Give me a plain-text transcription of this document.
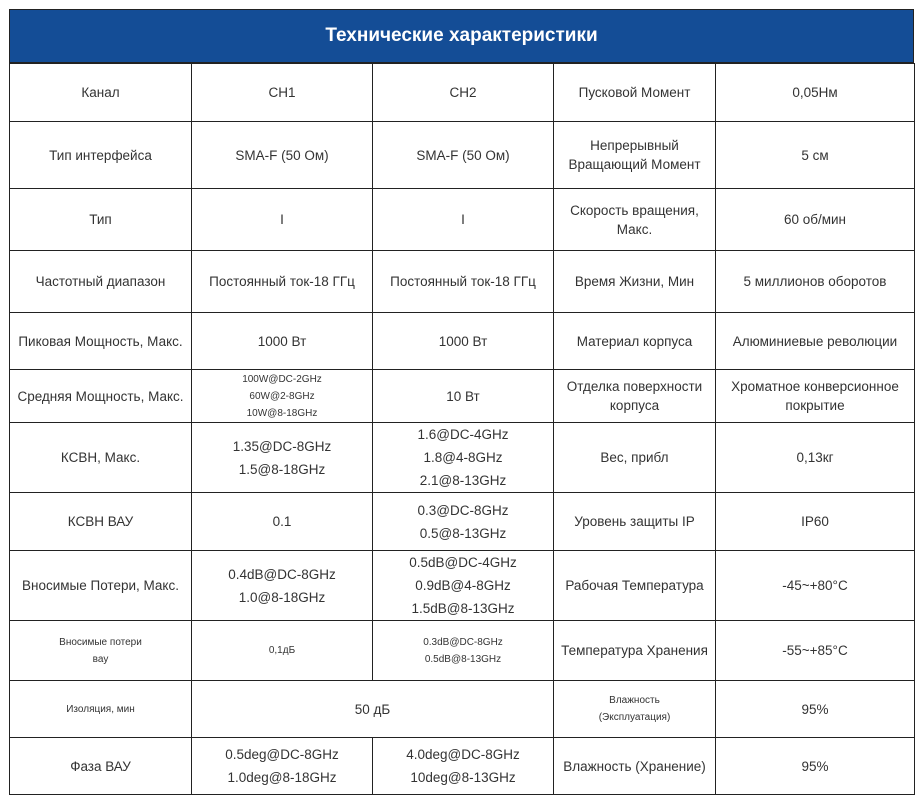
Технические характеристики
Канал	CH1	CH2	Пусковой Момент	0,05Нм

Тип интерфейса	SMA-F (50 Ом)	SMA-F (50 Ом)	Непрерывный
Вращающий Момент	5 см

Тип	I	I	Скорость вращения,
Макс.	60 об/мин

Частотный диапазон	Постоянный ток-18 ГГц	Постоянный ток-18 ГГц	Время Жизни, Мин	5 миллионов оборотов

Пиковая Мощность, Макс.	1000 Вт	1000 Вт	Материал корпуса	Алюминиевые революции

Средняя Мощность, Макс.	100W@DC-2GHz
60W@2-8GHz
10W@8-18GHz	10 Вт	Отделка поверхности
корпуса	Хроматное конверсионное
покрытие

КСВН, Макс.	1.35@DC-8GHz
1.5@8-18GHz	1.6@DC-4GHz
1.8@4-8GHz
2.1@8-13GHz	Вес, прибл	0,13кг

КСВН ВАУ	0.1	0.3@DC-8GHz
0.5@8-13GHz	Уровень защиты IP	IP60

Вносимые Потери, Макс.	0.4dB@DC-8GHz
1.0@8-18GHz	0.5dB@DC-4GHz
0.9dB@4-8GHz
1.5dB@8-13GHz	Рабочая Температура	-45~+80°C

Вносимые потери
вау	0,1дБ	0.3dB@DC-8GHz
0.5dB@8-13GHz	Температура Хранения	-55~+85°C

Изоляция, мин	50 дБ		Влажность
(Эксплуатация)	95%

Фаза ВАУ	0.5deg@DC-8GHz
1.0deg@8-18GHz	4.0deg@DC-8GHz
10deg@8-13GHz	Влажность (Хранение)	95%
